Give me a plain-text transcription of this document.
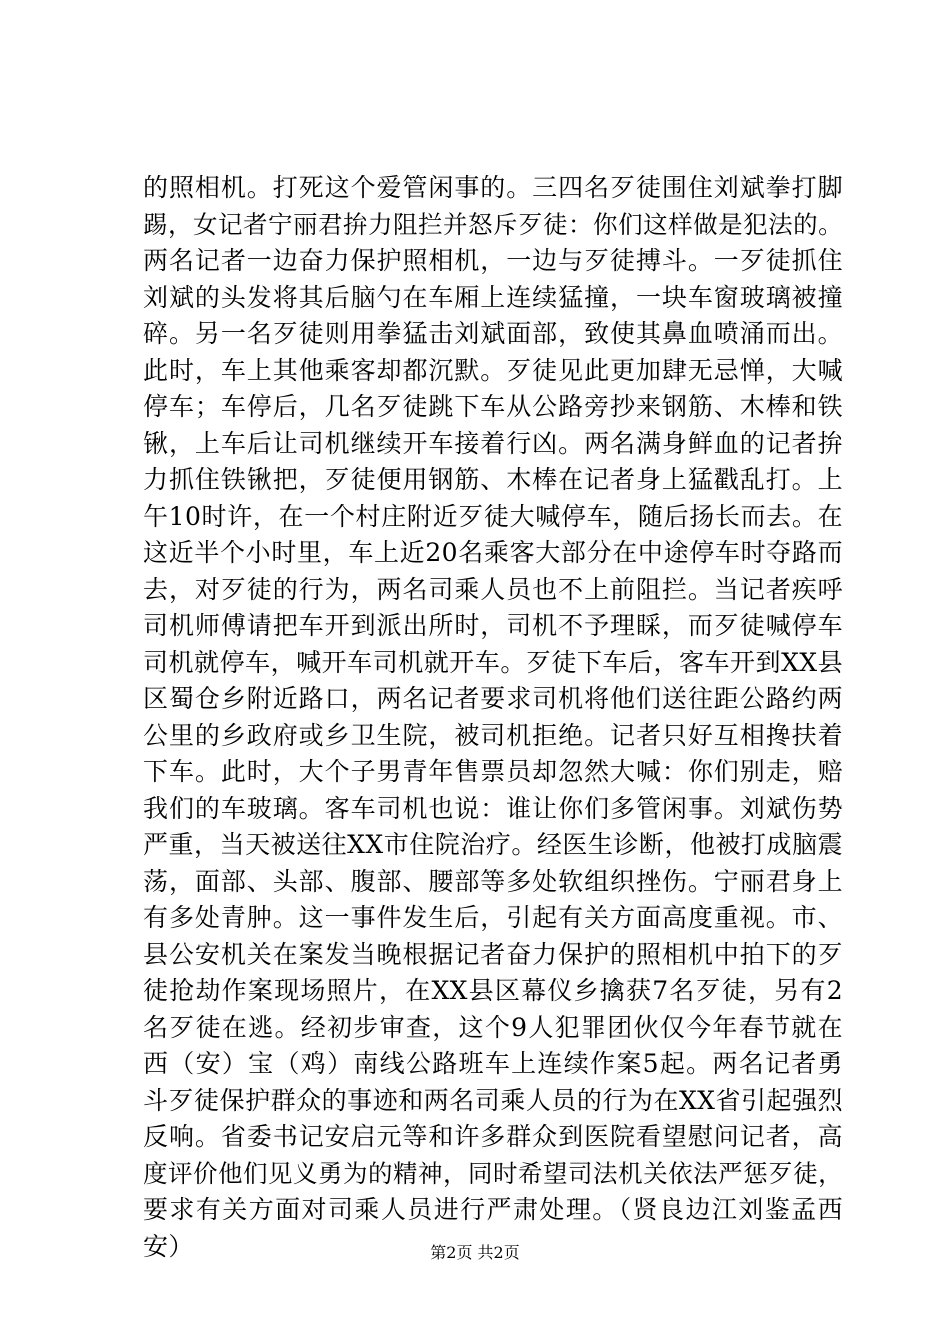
的照相机。打死这个爱管闲事的。三四名歹徒围住刘斌拳打脚
踢，女记者宁丽君拚力阻拦并怒斥歹徒：你们这样做是犯法的。
两名记者一边奋力保护照相机，一边与歹徒搏斗。一歹徒抓住
刘斌的头发将其后脑勺在车厢上连续猛撞，一块车窗玻璃被撞
碎。另一名歹徒则用拳猛击刘斌面部，致使其鼻血喷涌而出。
此时，车上其他乘客却都沉默。歹徒见此更加肆无忌惮，大喊
停车；车停后，几名歹徒跳下车从公路旁抄来钢筋、木棒和铁
锹，上车后让司机继续开车接着行凶。两名满身鲜血的记者拚
力抓住铁锹把，歹徒便用钢筋、木棒在记者身上猛戳乱打。上
午10时许，在一个村庄附近歹徒大喊停车，随后扬长而去。在
这近半个小时里，车上近20名乘客大部分在中途停车时夺路而
去，对歹徒的行为，两名司乘人员也不上前阻拦。当记者疾呼
司机师傅请把车开到派出所时，司机不予理睬，而歹徒喊停车
司机就停车，喊开车司机就开车。歹徒下车后，客车开到XX县
区蜀仓乡附近路口，两名记者要求司机将他们送往距公路约两
公里的乡政府或乡卫生院，被司机拒绝。记者只好互相搀扶着
下车。此时，大个子男青年售票员却忽然大喊：你们别走，赔
我们的车玻璃。客车司机也说：谁让你们多管闲事。刘斌伤势
严重，当天被送往XX市住院治疗。经医生诊断，他被打成脑震
荡，面部、头部、腹部、腰部等多处软组织挫伤。宁丽君身上
有多处青肿。这一事件发生后，引起有关方面高度重视。市、
县公安机关在案发当晚根据记者奋力保护的照相机中拍下的歹
徒抢劫作案现场照片，在XX县区幕仪乡擒获7名歹徒，另有2
名歹徒在逃。经初步审查，这个9人犯罪团伙仅今年春节就在
西（安）宝（鸡）南线公路班车上连续作案5起。两名记者勇
斗歹徒保护群众的事迹和两名司乘人员的行为在XX省引起强烈
反响。省委书记安启元等和许多群众到医院看望慰问记者，高
度评价他们见义勇为的精神，同时希望司法机关依法严惩歹徒，
要求有关方面对司乘人员进行严肃处理。（贤良边江刘鉴孟西
安）	第2页 共2页
